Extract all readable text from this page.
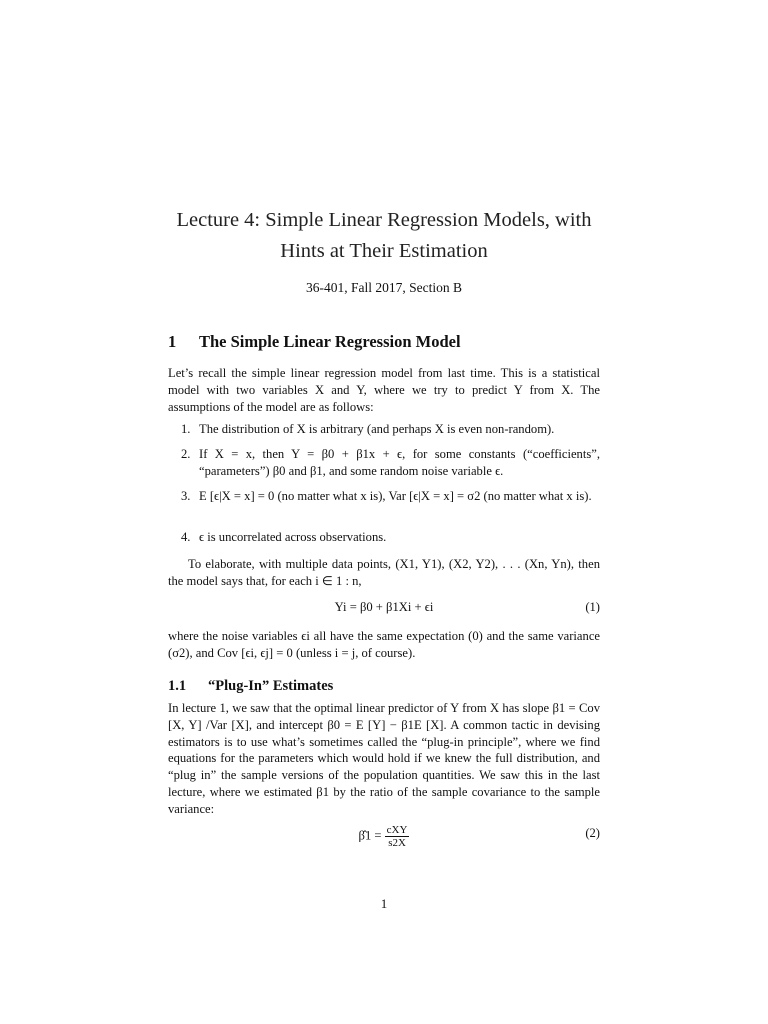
Lecture 4: Simple Linear Regression Models, with
Hints at Their Estimation
36-401, Fall 2017, Section B
1 The Simple Linear Regression Model
Let’s recall the simple linear regression model from last time. This is a statistical model with two variables X and Y, where we try to predict Y from X. The assumptions of the model are as follows:
1. The distribution of X is arbitrary (and perhaps X is even non-random).
2. If X = x, then Y = β0 + β1x + ϵ, for some constants (“coefficients”, “parameters”) β0 and β1, and some random noise variable ϵ.
3. E [ϵ|X = x] = 0 (no matter what x is), Var [ϵ|X = x] = σ2 (no matter what x is).
4. ϵ is uncorrelated across observations.
To elaborate, with multiple data points, (X1, Y1), (X2, Y2), . . . (Xn, Yn), then the model says that, for each i ∈ 1 : n,
Yi = β0 + β1Xi + ϵi	(1)
where the noise variables ϵi all have the same expectation (0) and the same variance (σ2), and Cov [ϵi, ϵj] = 0 (unless i = j, of course).
1.1 “Plug-In” Estimates
In lecture 1, we saw that the optimal linear predictor of Y from X has slope β1 = Cov [X, Y] /Var [X], and intercept β0 = E [Y] − β1E [X]. A common tactic in devising estimators is to use what’s sometimes called the “plug-in principle”, where we find equations for the parameters which would hold if we knew the full distribution, and “plug in” the sample versions of the population quantities. We saw this in the last lecture, where we estimated β1 by the ratio of the sample covariance to the sample variance:
β̂1 = $\frac{\text{cXY}}{s2X}$	(2)
1
